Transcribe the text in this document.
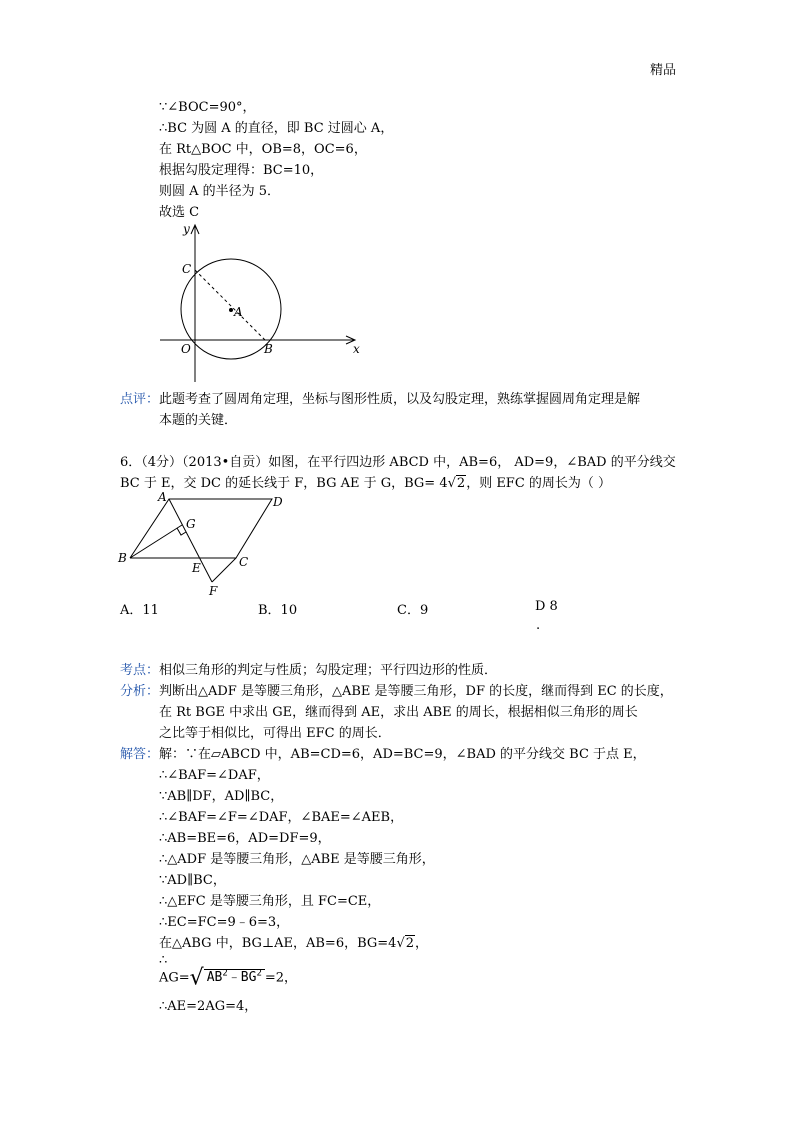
精品
∵∠BOC=90°，
∴BC 为圆 A 的直径，即 BC 过圆心 A，
在 Rt△BOC 中，OB=8，OC=6，
根据勾股定理得：BC=10，
则圆 A 的半径为 5．
故选 C
y
x
C
A
O	B
点评： 此题考查了圆周角定理，坐标与图形性质，以及勾股定理，熟练掌握圆周角定理是解
本题的关键．
6．（4分）（2013•自贡）如图，在平行四边形 ABCD 中，AB=6， AD=9，∠BAD 的平分线交
BC 于 E，交 DC 的延长线于 F，BG AE 于 G，BG= 4√2，则 EFC 的周长为（ ）
A
B	C
D
E
F
G
A．11	B．10	C．9	D 8
.
考点： 相似三角形的判定与性质；勾股定理；平行四边形的性质．
分析： 判断出△ADF 是等腰三角形，△ABE 是等腰三角形，DF 的长度，继而得到 EC 的长度，
在 Rt BGE 中求出 GE，继而得到 AE，求出 ABE 的周长，根据相似三角形的周长
之比等于相似比，可得出 EFC 的周长．
解答： 解：∵在▱ABCD 中，AB=CD=6，AD=BC=9，∠BAD 的平分线交 BC 于点 E，
∴∠BAF=∠DAF，
∵AB∥DF，AD∥BC，
∴∠BAF=∠F=∠DAF，∠BAE=∠AEB，
∴AB=BE=6，AD=DF=9，
∴△ADF 是等腰三角形，△ABE 是等腰三角形，
∵AD∥BC，
∴△EFC 是等腰三角形，且 FC=CE，
∴EC=FC=9﹣6=3，
在△ABG 中，BG⊥AE，AB=6，BG=4√2，
∴
AG=√ $AB^2﹣BG^2 =2$，
∴AE=2AG=4，
